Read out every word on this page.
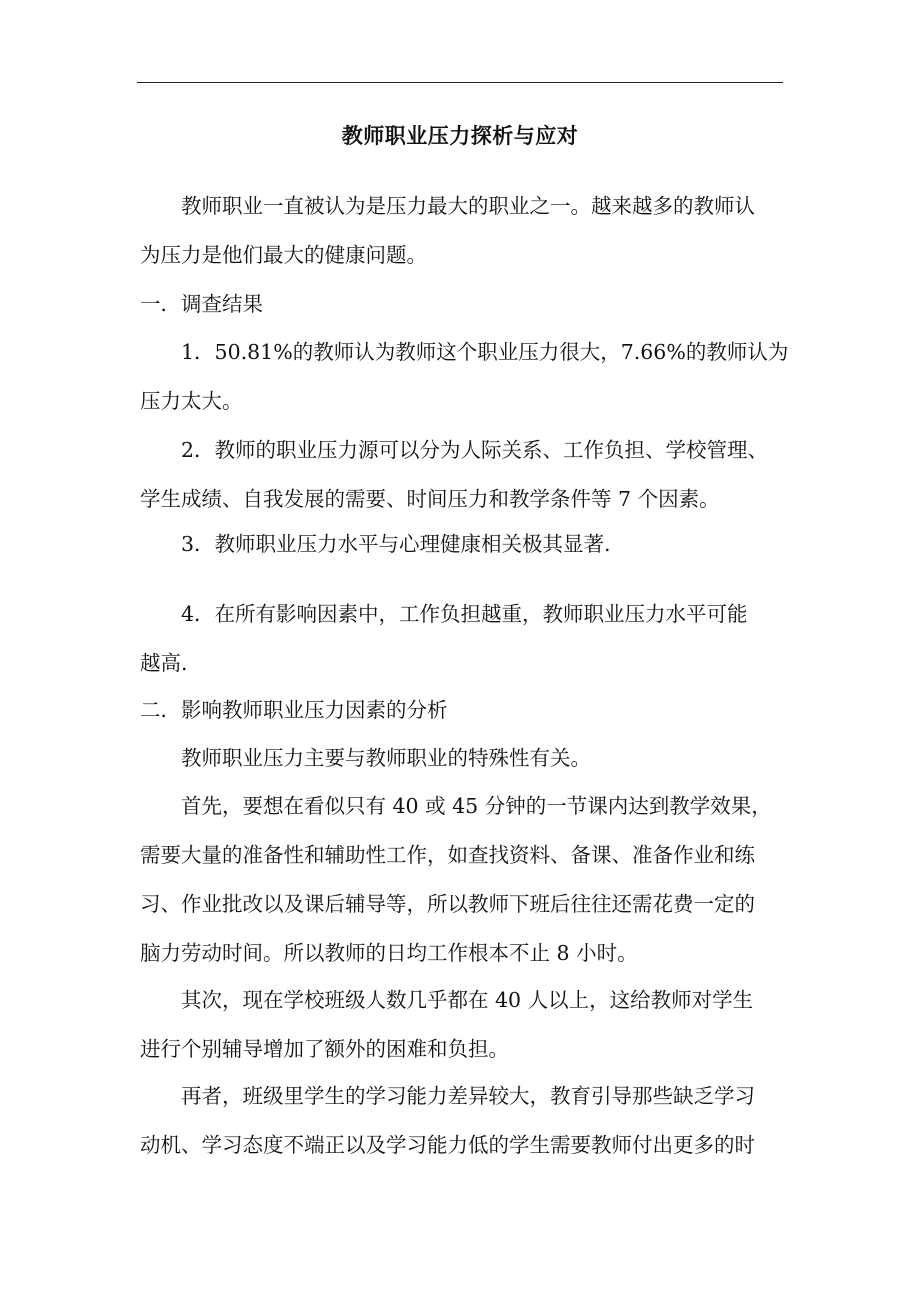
教师职业压力探析与应对
教师职业一直被认为是压力最大的职业之一。越来越多的教师认
为压力是他们最大的健康问题。
一．调查结果
1．50.81%的教师认为教师这个职业压力很大，7.66%的教师认为
压力太大。
2．教师的职业压力源可以分为人际关系、工作负担、学校管理、
学生成绩、自我发展的需要、时间压力和教学条件等 7 个因素。
3．教师职业压力水平与心理健康相关极其显著.
4．在所有影响因素中，工作负担越重，教师职业压力水平可能
越高.
二．影响教师职业压力因素的分析
教师职业压力主要与教师职业的特殊性有关。
首先，要想在看似只有 40 或 45 分钟的一节课内达到教学效果，
需要大量的准备性和辅助性工作，如查找资料、备课、准备作业和练
习、作业批改以及课后辅导等，所以教师下班后往往还需花费一定的
脑力劳动时间。所以教师的日均工作根本不止 8 小时。
其次，现在学校班级人数几乎都在 40 人以上，这给教师对学生
进行个别辅导增加了额外的困难和负担。
再者，班级里学生的学习能力差异较大，教育引导那些缺乏学习
动机、学习态度不端正以及学习能力低的学生需要教师付出更多的时
